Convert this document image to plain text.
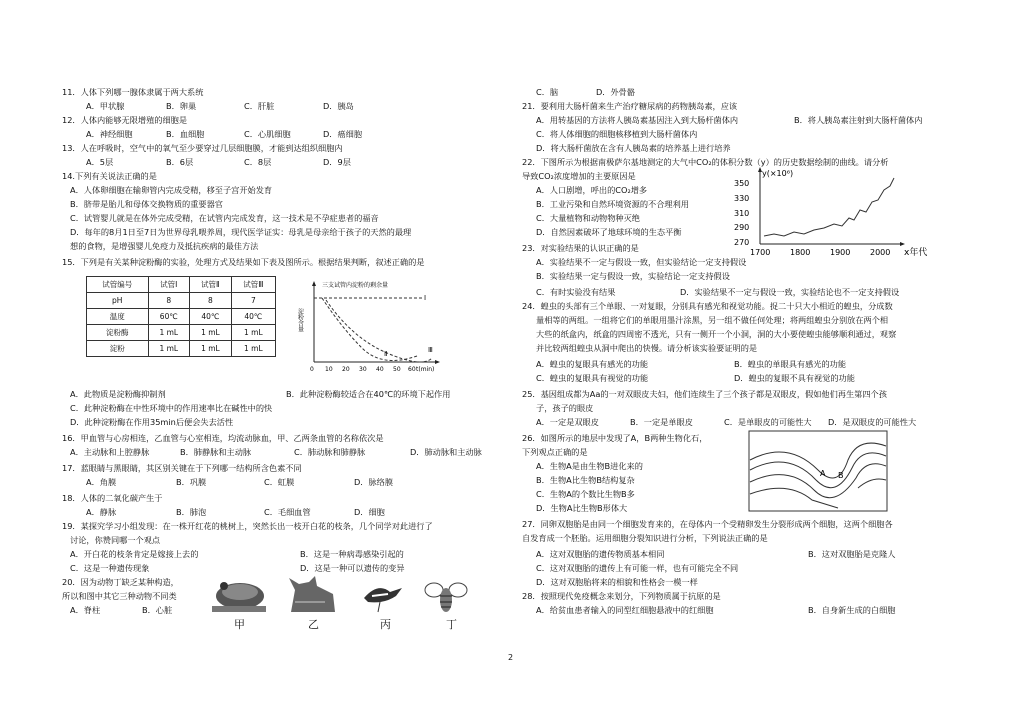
11．人体下列哪一腺体隶属于两大系统
A．甲状腺	B．卵巢	C．肝脏	D．胰岛
12．人体内能够无限增殖的细胞是
A．神经细胞	B．血细胞	C．心肌细胞	D．癌细胞
13．人在呼吸时，空气中的氧气至少要穿过几层细胞膜，才能到达组织细胞内
A．5层	B．6层	C．8层	D．9层
14.下列有关说法正确的是
A．人体卵细胞在输卵管内完成受精，移至子宫开始发育
B．脐带是胎儿和母体交换物质的重要器官
C．试管婴儿就是在体外完成受精，在试管内完成发育，这一技术是不孕症患者的福音
D．每年的8月1日至7日为世界母乳喂养周，现代医学证实：母乳是母亲给于孩子的天然的最理
想的食物，是增强婴儿免疫力及抵抗疾病的最佳方法
15．下列是有关某种淀粉酶的实验，处理方式及结果如下表及图所示。根据结果判断，叙述正确的是
试管编号	试管Ⅰ	试管Ⅱ	试管Ⅲ
pH	8	8	7
温度	60℃	40℃	40℃
淀粉酶	1 mL	1 mL	1 mL
淀粉	1 mL	1 mL	1 mL
淀粉含量
三支试管内淀粉的剩余量
Ⅰ
Ⅱ	Ⅲ
0 10 20 30 40 50 60 t(min)
A．此物质是淀粉酶抑制剂	B．此种淀粉酶较适合在40℃的环境下起作用
C．此种淀粉酶在中性环境中的作用速率比在碱性中的快
D．此种淀粉酶在作用35min后便会失去活性
16．甲血管与心房相连，乙血管与心室相连，均流动脉血，甲、乙两条血管的名称依次是
A．主动脉和上腔静脉	B．肺静脉和主动脉	C．肺动脉和肺静脉	D．肺动脉和主动脉
17．蓝眼睛与黑眼睛，其区别关键在于下列哪一结构所含色素不同
A．角膜	B．巩膜	C．虹膜	D．脉络膜
18．人体的二氧化碳产生于
A．静脉	B．肺泡	C．毛细血管	D．细胞
19．某探究学习小组发现：在一株开红花的桃树上，突然长出一枝开白花的枝条，几个同学对此进行了
讨论，你赞同哪一个观点
A．开白花的枝条肯定是嫁接上去的	B．这是一种病毒感染引起的
C．这是一种遗传现象	D．这是一种可以遗传的变异
20．因为动物丁缺乏某种构造，
所以和图中其它三种动物不同类
A．脊柱	B．心脏
甲	乙	丙	丁
C．脑	D．外骨骼
21．要利用大肠杆菌来生产治疗糖尿病的药物胰岛素，应该
A．用转基因的方法将人胰岛素基因注入到大肠杆菌体内	B．将人胰岛素注射到大肠杆菌体内
C．将人体细胞的细胞核移植到大肠杆菌体内
D．将大肠杆菌放在含有人胰岛素的培养基上进行培养
22．下图所示为根据南极萨尔基地测定的大气中CO₂的体积分数（y）的历史数据绘制的曲线。请分析
导致CO₂浓度增加的主要原因是
A．人口剧增，呼出的CO₂增多
B．工业污染和自然环境资源的不合理利用
C．大量植物和动物物种灭绝
D．自然因素破坏了地球环境的生态平衡
y(×10⁶)
350
330
310
290
270
1700 1800 1900 2000 x年代
23．对实验结果的认识正确的是
A．实验结果不一定与假设一致，但实验结论一定支持假设
B．实验结果一定与假设一致，实验结论一定支持假设
C．有时实验没有结果	D．实验结果不一定与假设一致，实验结论也不一定支持假设
24．蝗虫的头部有三个单眼、一对复眼，分别具有感光和视觉功能。捉二十只大小相近的蝗虫，分成数
量相等的两组。一组将它们的单眼用墨汁涂黑，另一组不做任何处理；将两组蝗虫分别放在两个相
大些的纸盒内，纸盒的四周密不透光，只有一侧开一个小洞，洞的大小要使蝗虫能够顺利通过，观察
并比较两组蝗虫从洞中爬出的快慢。请分析该实验要证明的是
A．蝗虫的复眼具有感光的功能	B．蝗虫的单眼具有感光的功能
C．蝗虫的复眼具有视觉的功能	D．蝗虫的复眼不具有视觉的功能
25．基因组成都为Aa的一对双眼皮夫妇，他们连续生了三个孩子都是双眼皮，假如他们再生第四个孩
子，孩子的眼皮
A．一定是双眼皮	B．一定是单眼皮	C．是单眼皮的可能性大 D．是双眼皮的可能性大
26．如图所示的地层中发现了A，B两种生物化石，
下列观点正确的是
A．生物A是由生物B进化来的
B．生物A比生物B结构复杂
C．生物A的个数比生物B多
D．生物A比生物B形体大
A B
27．同卵双胞胎是由同一个细胞发育来的，在母体内一个受精卵发生分裂形成两个细胞，这两个细胞各
自发育成一个胚胎。运用细胞分裂知识进行分析，下列说法正确的是
A．这对双胞胎的遗传物质基本相同	B．这对双胞胎是克隆人
C．这对双胞胎的遗传上有可能一样，也有可能完全不同
D．这对双胞胎将来的相貌和性格会一模一样
28．按照现代免疫概念来划分，下列物质属于抗原的是
A．给贫血患者输入的同型红细胞悬液中的红细胞	B．自身新生成的白细胞
2
